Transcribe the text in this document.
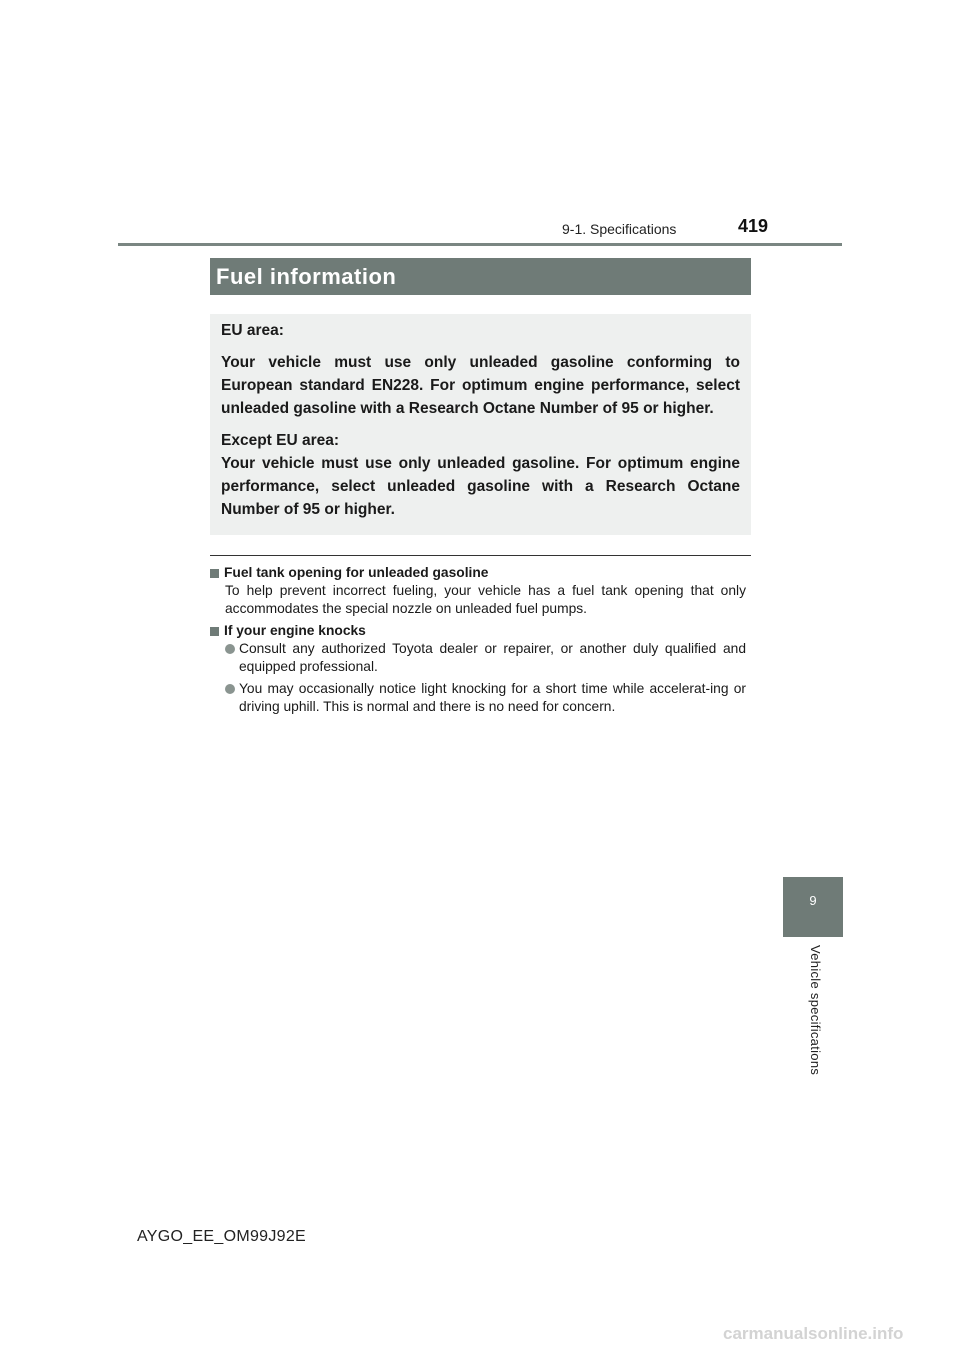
9-1. Specifications	419
Fuel information

EU area:

Your vehicle must use only unleaded gasoline conforming to European standard EN228. For optimum engine performance, select unleaded gasoline with a Research Octane Number of 95 or higher.

Except EU area:

Your vehicle must use only unleaded gasoline. For optimum engine performance, select unleaded gasoline with a Research Octane Number of 95 or higher.

Fuel tank opening for unleaded gasoline
To help prevent incorrect fueling, your vehicle has a fuel tank opening that only accommodates the special nozzle on unleaded fuel pumps.
If your engine knocks
Consult any authorized Toyota dealer or repairer, or another duly qualified and equipped professional.
You may occasionally notice light knocking for a short time while accelerat-ing or driving uphill. This is normal and there is no need for concern.
9
Vehicle specifications
AYGO_EE_OM99J92E
carmanualsonline.info
